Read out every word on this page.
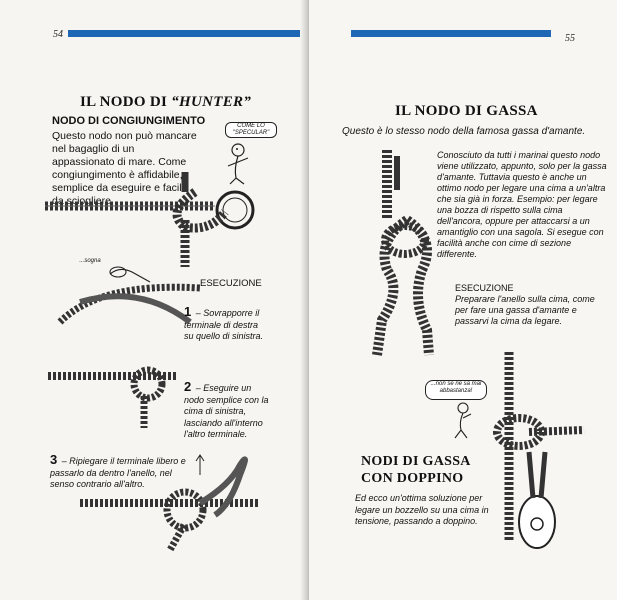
54
IL NODO DI “HUNTER”
NODO DI CONGIUNGIMENTO

Questo nodo non può mancare nel bagaglio di un appassionato di mare. Come congiungimento è affidabile, semplice da eseguire e facile da sciogliere.

COME LO "SPECULAR"
...sogna
ESECUZIONE

1 – Sovrapporre il terminale di destra su quello di sinistra.

2 – Eseguire un nodo semplice con la cima di sinistra, lasciando all'interno l'altro terminale.

3 – Ripiegare il terminale libero e passarlo da dentro l'anello, nel senso contrario all'altro.

55
IL NODO DI GASSA

Questo è lo stesso nodo della famosa gassa d'amante.

Conosciuto da tutti i marinai questo nodo viene utilizzato, appunto, solo per la gassa d'amante. Tuttavia questo è anche un ottimo nodo per legare una cima a un'altra che sia già in forza. Esempio: per legare una bozza di rispetto sulla cima dell'ancora, oppure per attaccarsi a un amantiglio con una sagola. Si esegue con facilità anche con cime di sezione differente.

ESECUZIONE

Preparare l'anello sulla cima, come per fare una gassa d'amante e passarvi la cima da legare.

...non se ne sa mai abbastanza!
NODI DI GASSA
CON DOPPINO

Ed ecco un'ottima soluzione per legare un bozzello su una cima in tensione, passando a doppino.
